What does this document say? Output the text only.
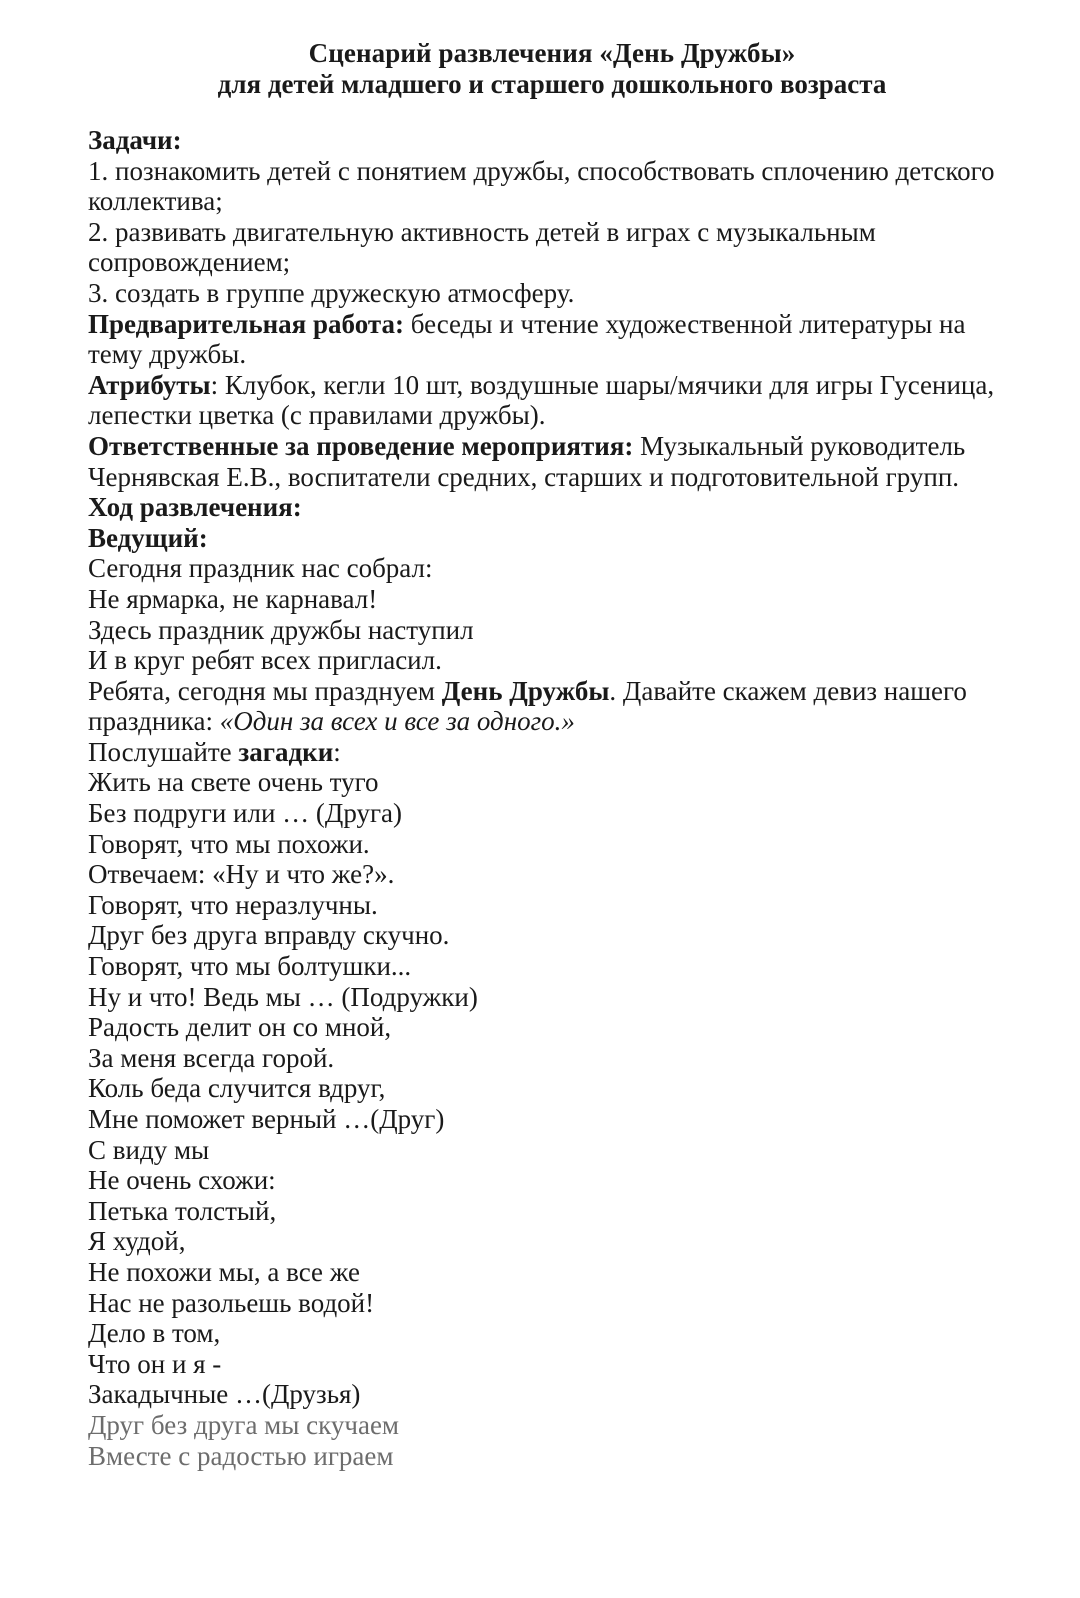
Сценарий развлечения «День Дружбы»
для детей младшего и старшего дошкольного возраста

Задачи:

1. познакомить детей с понятием дружбы, способствовать сплочению детского коллектива;

2. развивать двигательную активность детей в играх с музыкальным сопровождением;

3. создать в группе дружескую атмосферу.

Предварительная работа: беседы и чтение художественной литературы на тему дружбы.

Атрибуты: Клубок, кегли 10 шт, воздушные шары/мячики для игры Гусеница, лепестки цветка (с правилами дружбы).

Ответственные за проведение мероприятия: Музыкальный руководитель Чернявская Е.В., воспитатели средних, старших и подготовительной групп.

Ход развлечения:

Ведущий:

Сегодня праздник нас собрал:

Не ярмарка, не карнавал!

Здесь праздник дружбы наступил

И в круг ребят всех пригласил.

Ребята, сегодня мы празднуем День Дружбы. Давайте скажем девиз нашего праздника: «Один за всех и все за одного.»

Послушайте загадки:

Жить на свете очень туго

Без подруги или … (Друга)

Говорят, что мы похожи.

Отвечаем: «Ну и что же?».

Говорят, что неразлучны.

Друг без друга вправду скучно.

Говорят, что мы болтушки...

Ну и что! Ведь мы … (Подружки)

Радость делит он со мной,

За меня всегда горой.

Коль беда случится вдруг,

Мне поможет верный …(Друг)

С виду мы

Не очень схожи:

Петька толстый,

Я худой,

Не похожи мы, а все же

Нас не разольешь водой!

Дело в том,

Что он и я -

Закадычные …(Друзья)

Друг без друга мы скучаем

Вместе с радостью играем
